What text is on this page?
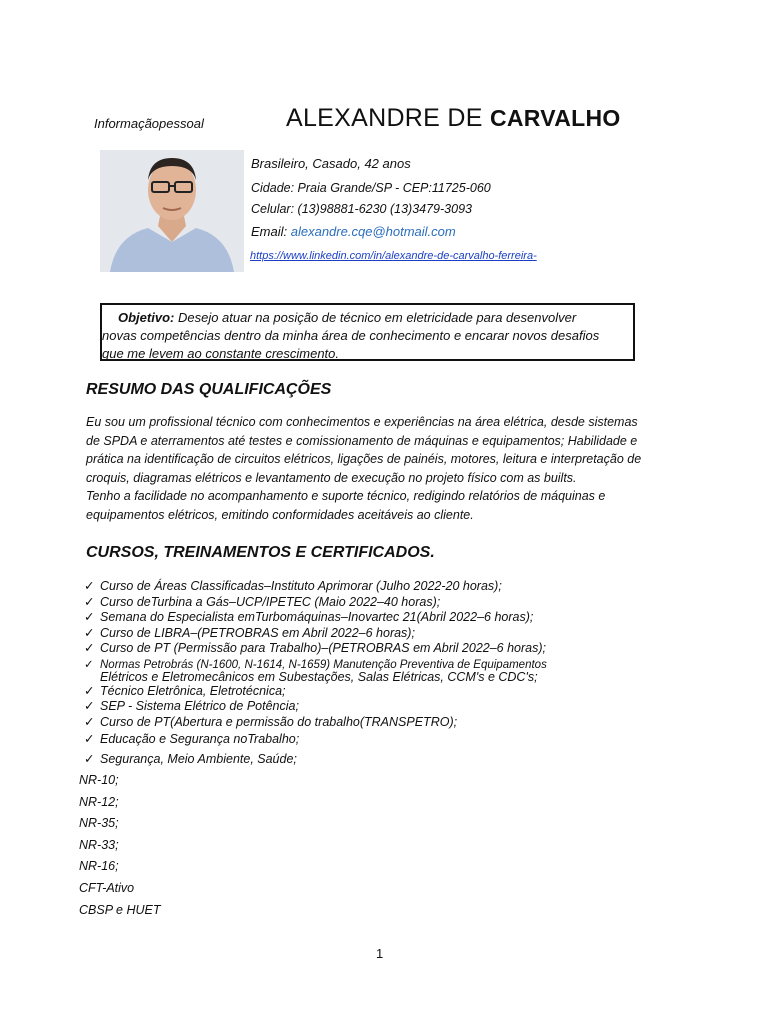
Informaçãopessoal	ALEXANDRE DE CARVALHO
Brasileiro, Casado, 42 anos
Cidade: Praia Grande/SP - CEP:11725-060
Celular: (13)98881-6230 (13)3479-3093
Email: alexandre.cqe@hotmail.com
https://www.linkedin.com/in/alexandre-de-carvalho-ferreira-
Objetivo: Desejo atuar na posição de técnico em eletricidade para desenvolver
novas competências dentro da minha área de conhecimento e encarar novos desafios
que me levem ao constante crescimento.
RESUMO DAS QUALIFICAÇÕES
Eu sou um profissional técnico com conhecimentos e experiências na área elétrica, desde sistemas
de SPDA e aterramentos até testes e comissionamento de máquinas e equipamentos; Habilidade e
prática na identificação de circuitos elétricos, ligações de painéis, motores, leitura e interpretação de
croquis, diagramas elétricos e levantamento de execução no projeto físico com as builts.
Tenho a facilidade no acompanhamento e suporte técnico, redigindo relatórios de máquinas e
equipamentos elétricos, emitindo conformidades aceitáveis ao cliente.
CURSOS, TREINAMENTOS E CERTIFICADOS.
✓ Curso de Áreas Classificadas–Instituto Aprimorar (Julho 2022-20 horas);
✓ Curso deTurbina a Gás–UCP/IPETEC (Maio 2022–40 horas);
✓ Semana do Especialista emTurbomáquinas–Inovartec 21(Abril 2022–6 horas);
✓ Curso de LIBRA–(PETROBRAS em Abril 2022–6 horas);
✓ Curso de PT (Permissão para Trabalho)–(PETROBRAS em Abril 2022–6 horas);
✓ Normas Petrobrás (N-1600, N-1614, N-1659) Manutenção Preventiva de Equipamentos
Elétricos e Eletromecânicos em Subestações, Salas Elétricas, CCM's e CDC's;
✓ Técnico Eletrônica, Eletrotécnica;
✓ SEP - Sistema Elétrico de Potência;
✓ Curso de PT(Abertura e permissão do trabalho(TRANSPETRO);
✓ Educação e Segurança noTrabalho;
✓ Segurança, Meio Ambiente, Saúde;
NR-10;
NR-12;
NR-35;
NR-33;
NR-16;
CFT-Ativo
CBSP e HUET
1
